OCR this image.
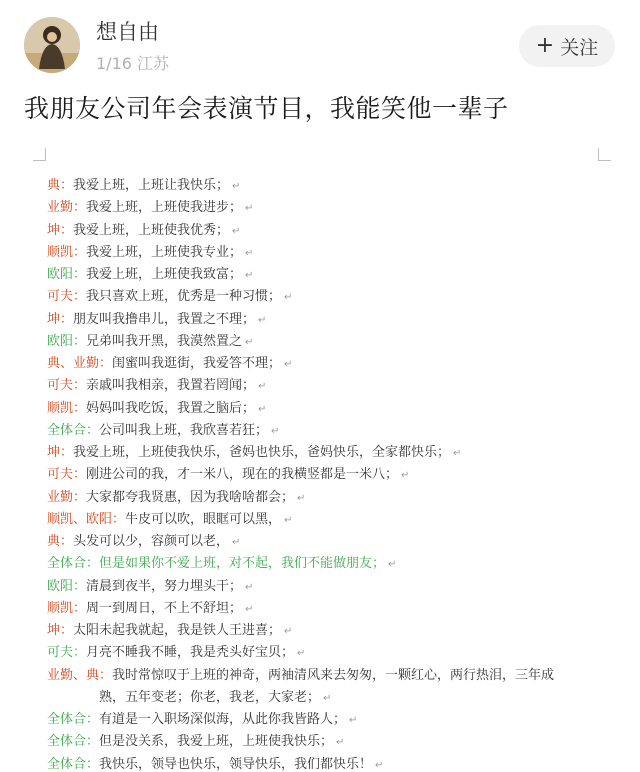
想自由
1/16 江苏
+ 关注
我朋友公司年会表演节目，我能笑他一辈子
典：我爱上班，上班让我快乐； ↵
业勤：我爱上班，上班使我进步； ↵
坤：我爱上班，上班使我优秀； ↵
顺凯：我爱上班，上班使我专业； ↵
欧阳：我爱上班，上班使我致富； ↵
可夫：我只喜欢上班，优秀是一种习惯； ↵
坤：朋友叫我撸串儿，我置之不理； ↵
欧阳：兄弟叫我开黑，我漠然置之 ↵
典、业勤：闺蜜叫我逛街，我爱答不理； ↵
可夫：亲戚叫我相亲，我置若罔闻； ↵
顺凯：妈妈叫我吃饭，我置之脑后； ↵
全体合：公司叫我上班，我欣喜若狂； ↵
坤：我爱上班，上班使我快乐，爸妈也快乐，爸妈快乐，全家都快乐； ↵
可夫：刚进公司的我，才一米八，现在的我横竖都是一米八； ↵
业勤：大家都夸我贤惠，因为我啥啥都会； ↵
顺凯、欧阳：牛皮可以吹，眼眶可以黑， ↵
典：头发可以少，容颜可以老， ↵
全体合：但是如果你不爱上班，对不起，我们不能做朋友； ↵
欧阳：清晨到夜半，努力埋头干； ↵
顺凯：周一到周日，不上不舒坦； ↵
坤：太阳未起我就起，我是铁人王进喜； ↵
可夫：月亮不睡我不睡，我是秃头好宝贝； ↵
业勤、典：我时常惊叹于上班的神奇，两袖清风来去匆匆，一颗红心，两行热泪，三年成
熟，五年变老；你老，我老，大家老； ↵
全体合：有道是一入职场深似海，从此你我皆路人； ↵
全体合：但是没关系，我爱上班，上班使我快乐； ↵
全体合：我快乐，领导也快乐，领导快乐，我们都快乐！ ↵
